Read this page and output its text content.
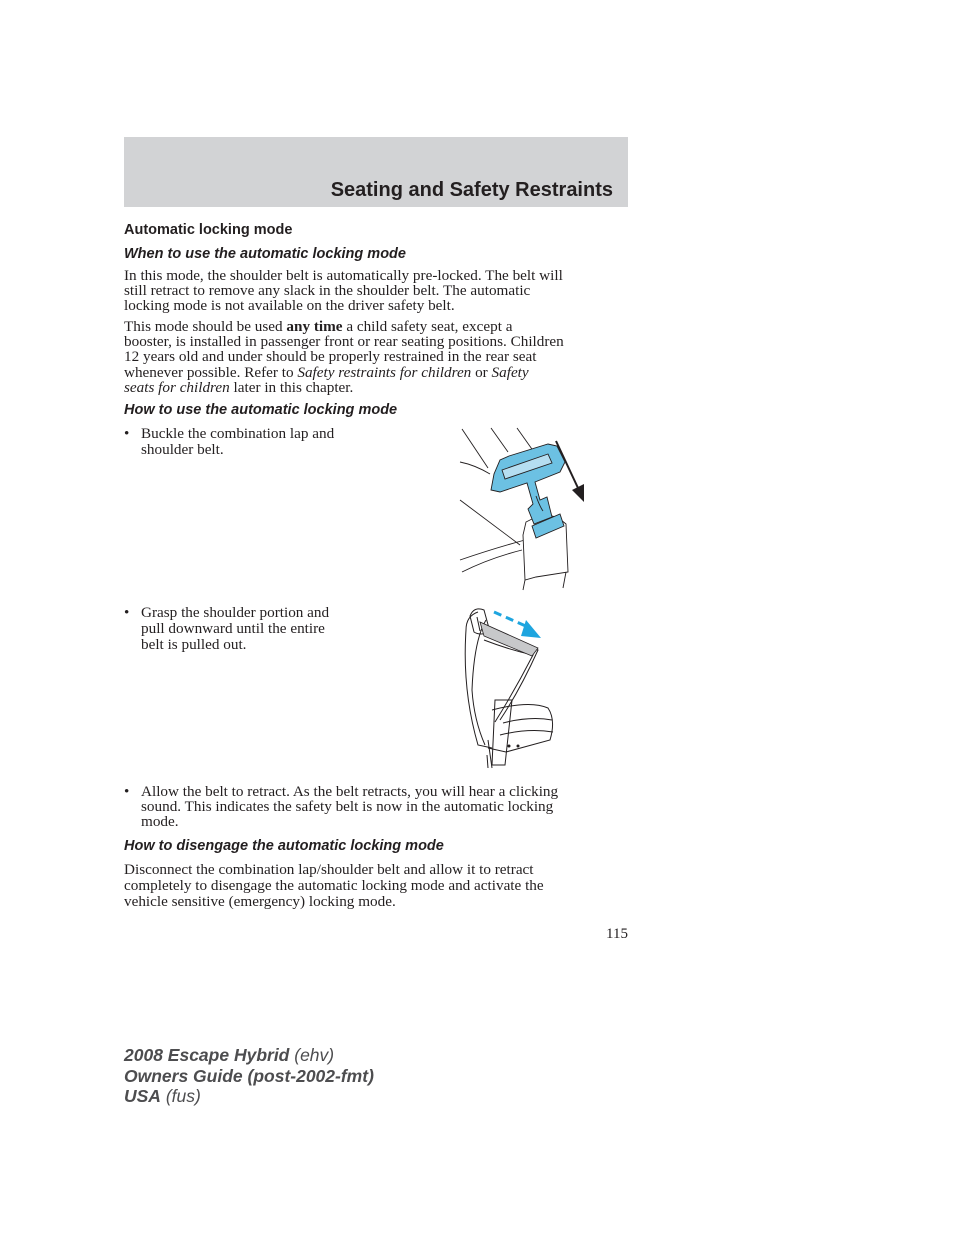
Seating and Safety Restraints
Automatic locking mode
When to use the automatic locking mode
In this mode, the shoulder belt is automatically pre-locked. The belt will
still retract to remove any slack in the shoulder belt. The automatic
locking mode is not available on the driver safety belt.
This mode should be used any time a child safety seat, except a
booster, is installed in passenger front or rear seating positions. Children
12 years old and under should be properly restrained in the rear seat
whenever possible. Refer to Safety restraints for children or Safety
seats for children later in this chapter.
How to use the automatic locking mode
• Buckle the combination lap and
shoulder belt.
• Grasp the shoulder portion and
pull downward until the entire
belt is pulled out.
• Allow the belt to retract. As the belt retracts, you will hear a clicking
sound. This indicates the safety belt is now in the automatic locking
mode.
How to disengage the automatic locking mode
Disconnect the combination lap/shoulder belt and allow it to retract
completely to disengage the automatic locking mode and activate the
vehicle sensitive (emergency) locking mode.
115
2008 Escape Hybrid (ehv)
Owners Guide (post-2002-fmt)
USA (fus)
